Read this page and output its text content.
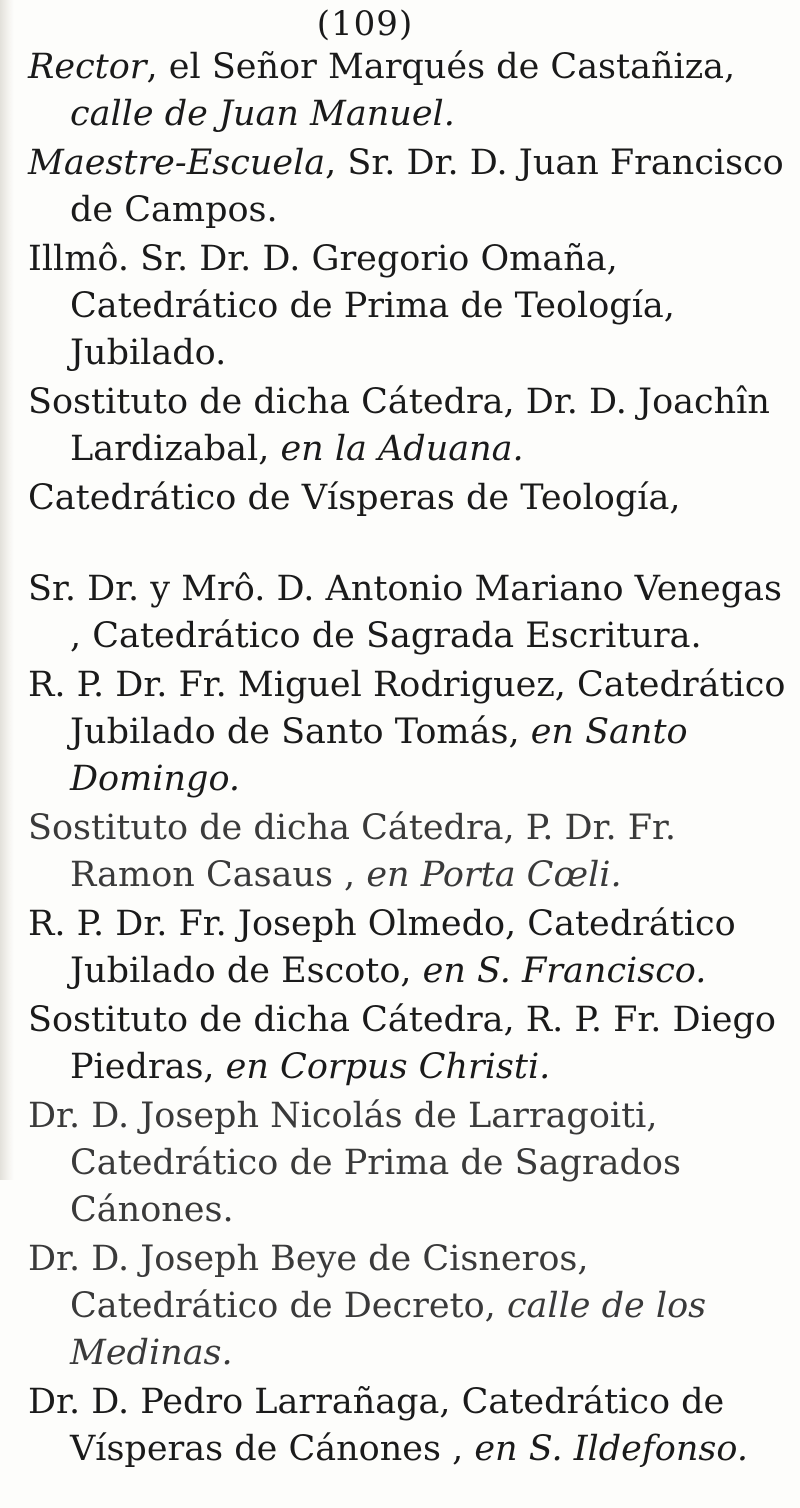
(109)

Rector, el Señor Marqués de Castañiza, calle de Juan Manuel.

Maestre-Escuela, Sr. Dr. D. Juan Francisco de Campos.

Illmô. Sr. Dr. D. Gregorio Omaña, Catedrático de Prima de Teología, Jubilado.

Sostituto de dicha Cátedra, Dr. D. Joachîn Lardizabal, en la Aduana.

Catedrático de Vísperas de Teología,

Sr. Dr. y Mrô. D. Antonio Mariano Venegas , Catedrático de Sagrada Escritura.

R. P. Dr. Fr. Miguel Rodriguez, Catedrático Jubilado de Santo Tomás, en Santo Domingo.

Sostituto de dicha Cátedra, P. Dr. Fr. Ramon Casaus , en Porta Cœli.

R. P. Dr. Fr. Joseph Olmedo, Catedrático Jubilado de Escoto, en S. Francisco.

Sostituto de dicha Cátedra, R. P. Fr. Diego Piedras, en Corpus Christi.

Dr. D. Joseph Nicolás de Larragoiti, Catedrático de Prima de Sagrados Cánones.

Dr. D. Joseph Beye de Cisneros, Catedrático de Decreto, calle de los Medinas.

Dr. D. Pedro Larrañaga, Catedrático de Vísperas de Cánones , en S. Ildefonso.
